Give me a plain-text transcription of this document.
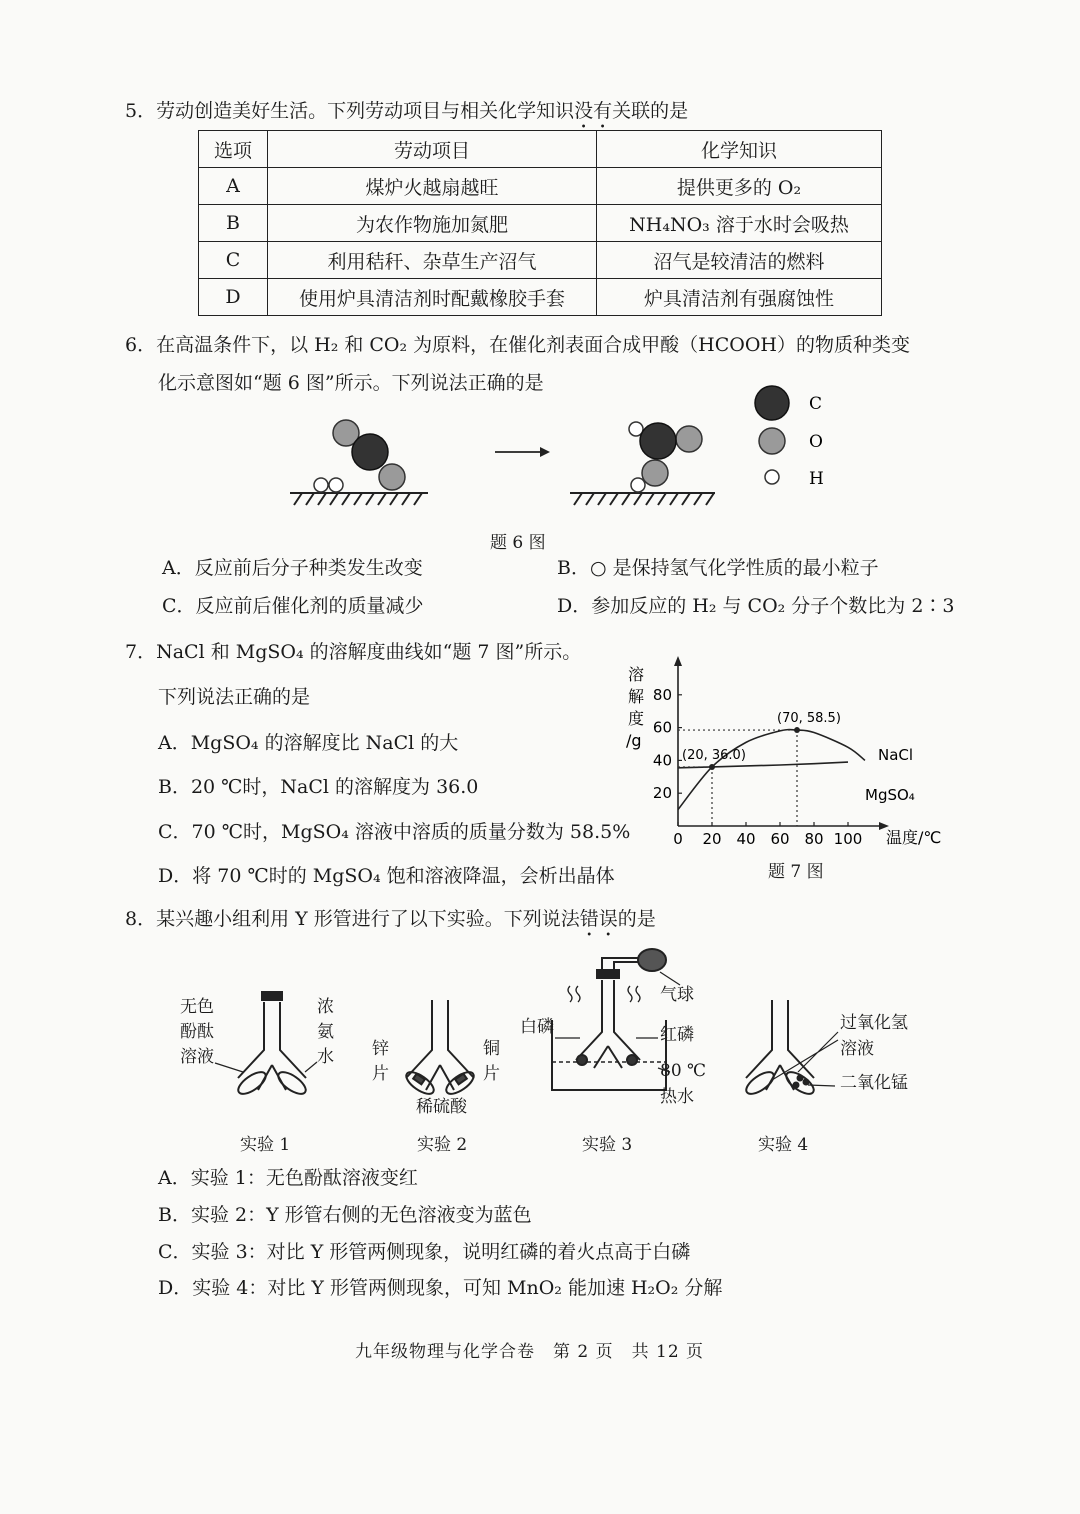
5．劳动创造美好生活。下列劳动项目与相关化学知识没有关联的是
选项	劳动项目	化学知识
A	煤炉火越扇越旺	提供更多的 O₂
B	为农作物施加氮肥	NH₄NO₃ 溶于水时会吸热
C	利用秸秆、杂草生产沼气	沼气是较清洁的燃料
D	使用炉具清洁剂时配戴橡胶手套	炉具清洁剂有强腐蚀性
6．在高温条件下，以 H₂ 和 CO₂ 为原料，在催化剂表面合成甲酸（HCOOH）的物质种类变
化示意图如“题 6 图”所示。下列说法正确的是
C
O
H
题 6 图
A．反应前后分子种类发生改变	B．○ 是保持氢气化学性质的最小粒子
C．反应前后催化剂的质量减少	D．参加反应的 H₂ 与 CO₂ 分子个数比为 2∶3
7．NaCl 和 MgSO₄ 的溶解度曲线如“题 7 图”所示。
下列说法正确的是
A．MgSO₄ 的溶解度比 NaCl 的大
B．20 ℃时，NaCl 的溶解度为 36.0
C．70 ℃时，MgSO₄ 溶液中溶质的质量分数为 58.5%
D．将 70 ℃时的 MgSO₄ 饱和溶液降温，会析出晶体
0 20 40 60 80 100
20
40
60
80
(20, 36.0)
(70, 58.5)
溶
解
度
/g
温度/℃
NaCl
MgSO₄
题 7 图
8．某兴趣小组利用 Y 形管进行了以下实验。下列说法错误的是
无色
酚酞
溶液
浓
氨
水 锌
片
铜
片
稀硫酸
气球
白磷	红磷
80 ℃
热水
过氧化氢
溶液
二氧化锰
实验 1	实验 2	实验 3	实验 4
A．实验 1：无色酚酞溶液变红
B．实验 2：Y 形管右侧的无色溶液变为蓝色
C．实验 3：对比 Y 形管两侧现象，说明红磷的着火点高于白磷
D．实验 4：对比 Y 形管两侧现象，可知 MnO₂ 能加速 H₂O₂ 分解
九年级物理与化学合卷　第 2 页　共 12 页
